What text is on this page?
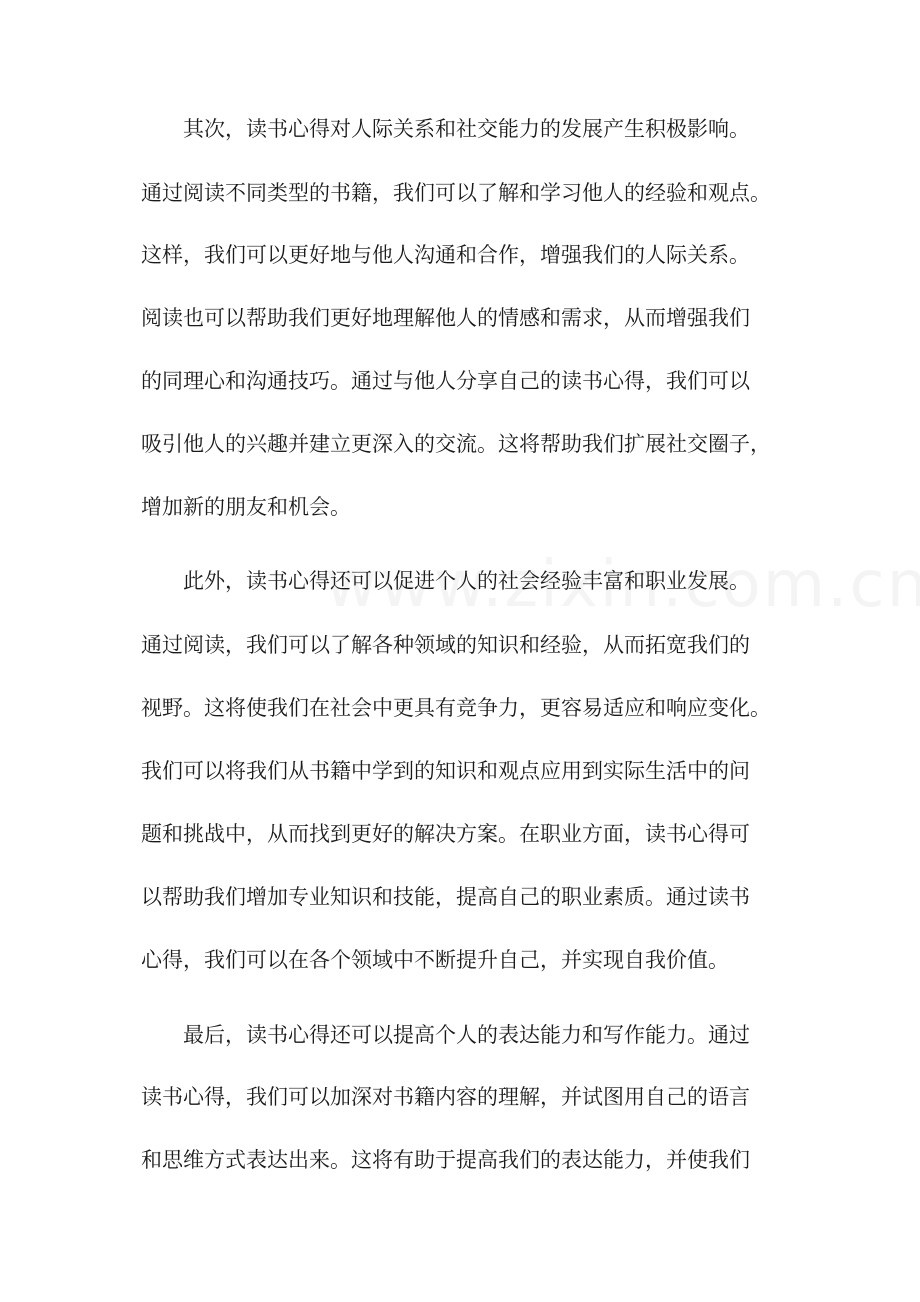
其次，读书心得对人际关系和社交能力的发展产生积极影响。
通过阅读不同类型的书籍，我们可以了解和学习他人的经验和观点。
这样，我们可以更好地与他人沟通和合作，增强我们的人际关系。
阅读也可以帮助我们更好地理解他人的情感和需求，从而增强我们
的同理心和沟通技巧。通过与他人分享自己的读书心得，我们可以
吸引他人的兴趣并建立更深入的交流。这将帮助我们扩展社交圈子，
增加新的朋友和机会。
此外，读书心得还可以促进个人的社会经验丰富和职业发展。
通过阅读，我们可以了解各种领域的知识和经验，从而拓宽我们的
视野。这将使我们在社会中更具有竞争力，更容易适应和响应变化。
我们可以将我们从书籍中学到的知识和观点应用到实际生活中的问
题和挑战中，从而找到更好的解决方案。在职业方面，读书心得可
以帮助我们增加专业知识和技能，提高自己的职业素质。通过读书
心得，我们可以在各个领域中不断提升自己，并实现自我价值。
最后，读书心得还可以提高个人的表达能力和写作能力。通过
读书心得，我们可以加深对书籍内容的理解，并试图用自己的语言
和思维方式表达出来。这将有助于提高我们的表达能力，并使我们
